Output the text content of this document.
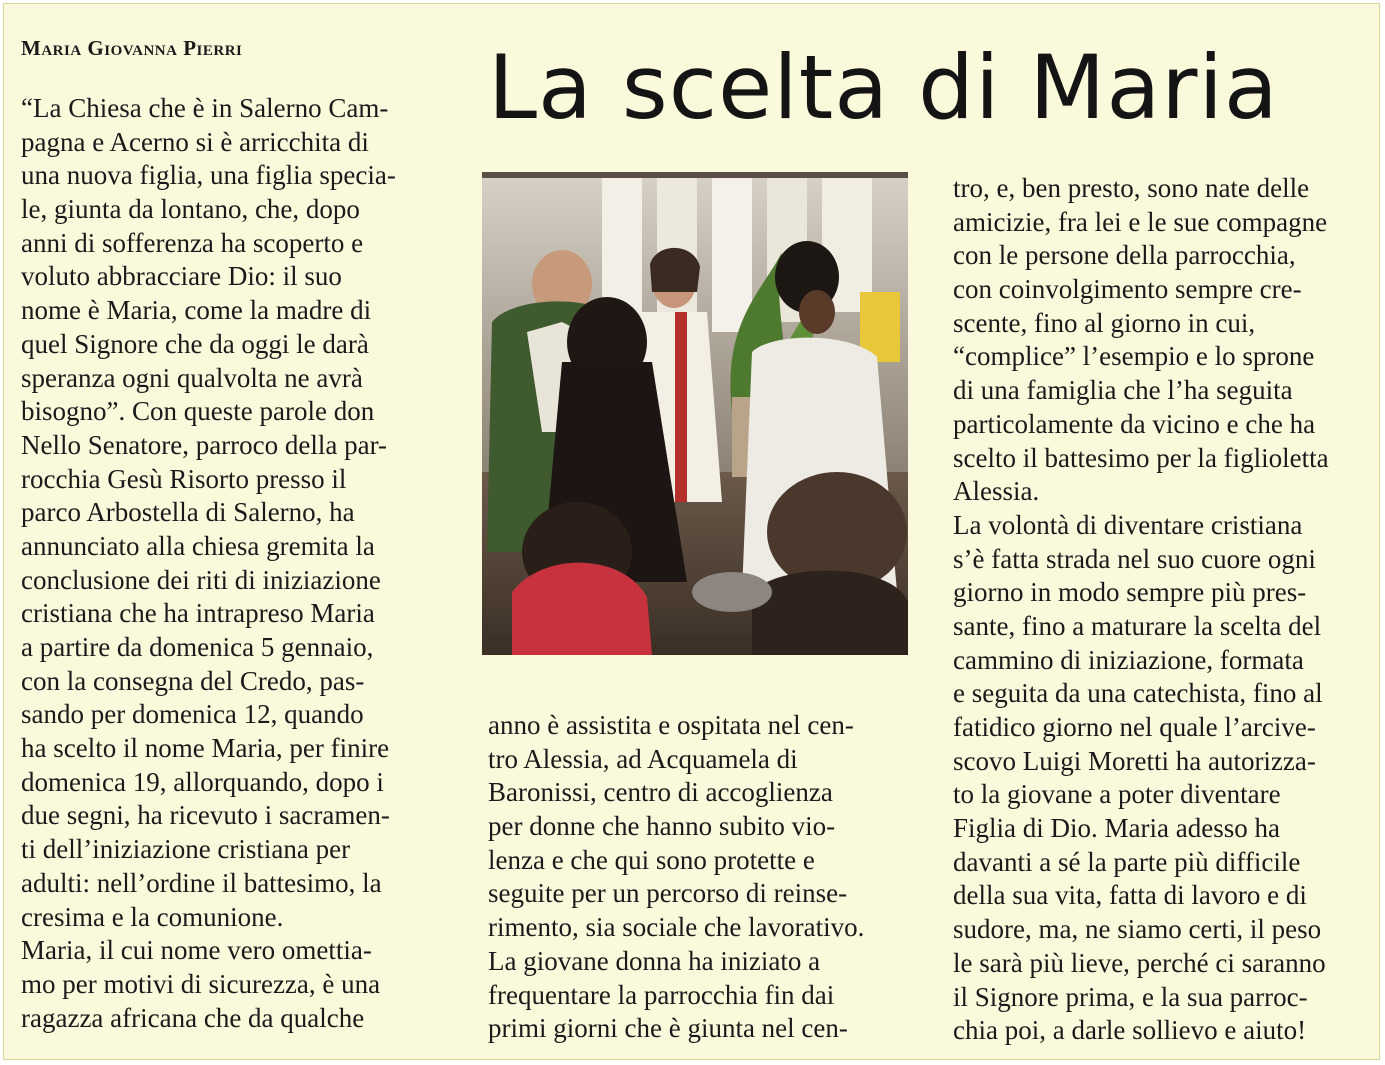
Maria Giovanna Pierri	La scelta di Maria
“La Chiesa che è in Salerno Cam-
pagna e Acerno si è arricchita di
una nuova figlia, una figlia specia-
le, giunta da lontano, che, dopo
anni di sofferenza ha scoperto e
voluto abbracciare Dio: il suo
nome è Maria, come la madre di
quel Signore che da oggi le darà
speranza ogni qualvolta ne avrà
bisogno”. Con queste parole don
Nello Senatore, parroco della par-
rocchia Gesù Risorto presso il
parco Arbostella di Salerno, ha
annunciato alla chiesa gremita la
conclusione dei riti di iniziazione
cristiana che ha intrapreso Maria
a partire da domenica 5 gennaio,
con la consegna del Credo, pas-
sando per domenica 12, quando
ha scelto il nome Maria, per finire
domenica 19, allorquando, dopo i
due segni, ha ricevuto i sacramen-
ti dell’iniziazione cristiana per
adulti: nell’ordine il battesimo, la
cresima e la comunione.
Maria, il cui nome vero omettia-
mo per motivi di sicurezza, è una
ragazza africana che da qualche
anno è assistita e ospitata nel cen-
tro Alessia, ad Acquamela di
Baronissi, centro di accoglienza
per donne che hanno subito vio-
lenza e che qui sono protette e
seguite per un percorso di reinse-
rimento, sia sociale che lavorativo.
La giovane donna ha iniziato a
frequentare la parrocchia fin dai
primi giorni che è giunta nel cen-
tro, e, ben presto, sono nate delle
amicizie, fra lei e le sue compagne
con le persone della parrocchia,
con coinvolgimento sempre cre-
scente, fino al giorno in cui,
“complice” l’esempio e lo sprone
di una famiglia che l’ha seguita
particolamente da vicino e che ha
scelto il battesimo per la figlioletta
Alessia.
La volontà di diventare cristiana
s’è fatta strada nel suo cuore ogni
giorno in modo sempre più pres-
sante, fino a maturare la scelta del
cammino di iniziazione, formata
e seguita da una catechista, fino al
fatidico giorno nel quale l’arcive-
scovo Luigi Moretti ha autorizza-
to la giovane a poter diventare
Figlia di Dio. Maria adesso ha
davanti a sé la parte più difficile
della sua vita, fatta di lavoro e di
sudore, ma, ne siamo certi, il peso
le sarà più lieve, perché ci saranno
il Signore prima, e la sua parroc-
chia poi, a darle sollievo e aiuto!
